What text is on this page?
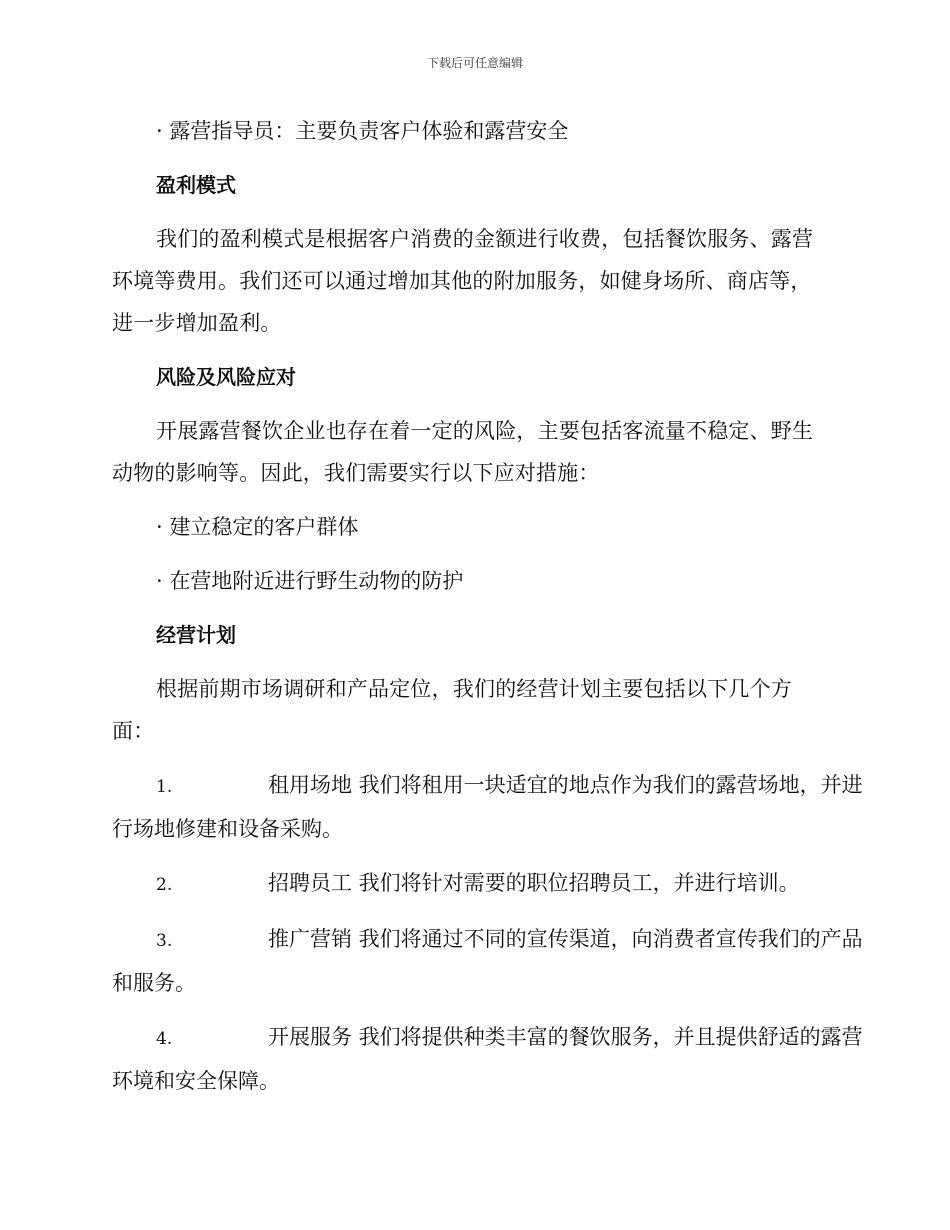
下载后可任意编辑
· 露营指导员：主要负责客户体验和露营安全
盈利模式
我们的盈利模式是根据客户消费的金额进行收费，包括餐饮服务、露营
环境等费用。我们还可以通过增加其他的附加服务，如健身场所、商店等，
进一步增加盈利。
风险及风险应对
开展露营餐饮企业也存在着一定的风险，主要包括客流量不稳定、野生
动物的影响等。因此，我们需要实行以下应对措施：
· 建立稳定的客户群体
· 在营地附近进行野生动物的防护
经营计划
根据前期市场调研和产品定位，我们的经营计划主要包括以下几个方
面：
1.	租用场地 我们将租用一块适宜的地点作为我们的露营场地，并进
行场地修建和设备采购。
2.	招聘员工 我们将针对需要的职位招聘员工，并进行培训。
3.	推广营销 我们将通过不同的宣传渠道，向消费者宣传我们的产品
和服务。
4.	开展服务 我们将提供种类丰富的餐饮服务，并且提供舒适的露营
环境和安全保障。
